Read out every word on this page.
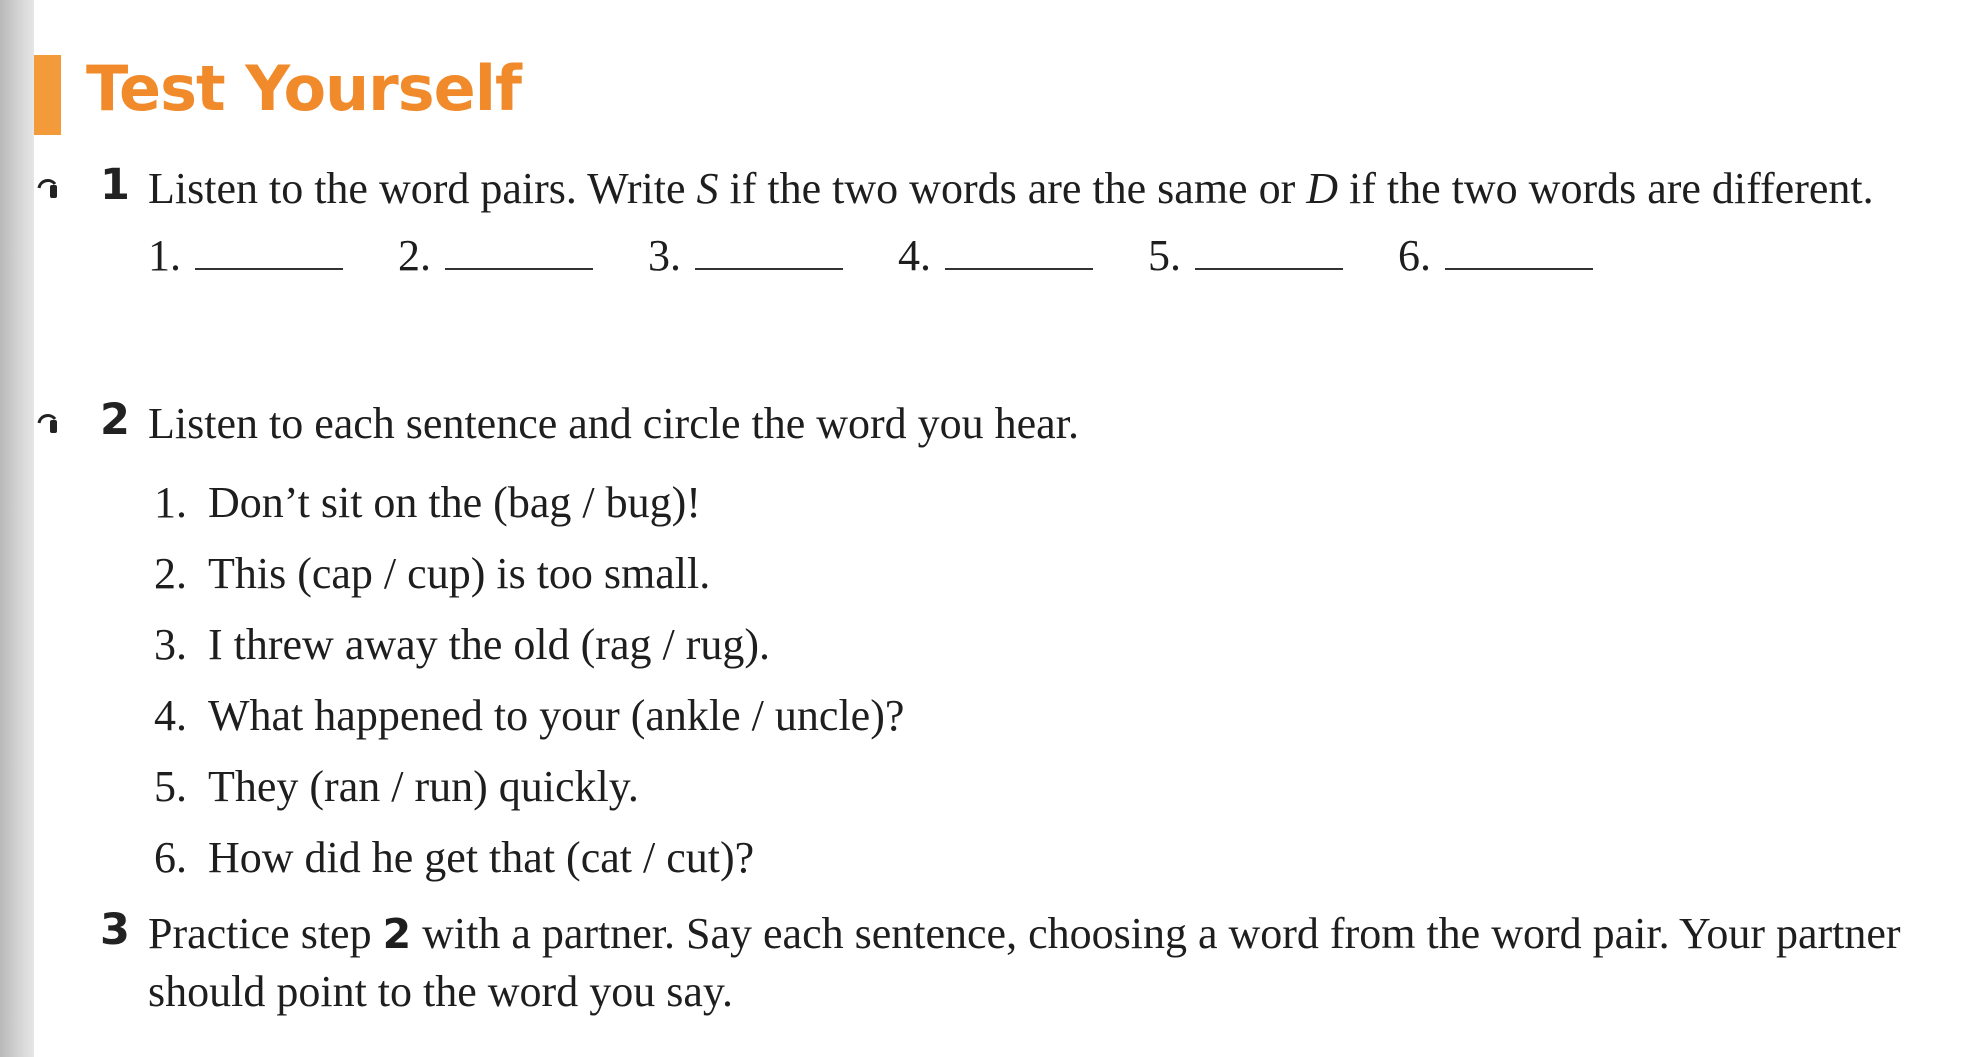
Test Yourself
1 Listen to the word pairs. Write S if the two words are the same or D if the two words are different.
1.	2.	3.	4.	5.	6.
2 Listen to each sentence and circle the word you hear.
1. Don’t sit on the (bag / bug)!
2. This (cap / cup) is too small.
3. I threw away the old (rag / rug).
4. What happened to your (ankle / uncle)?
5. They (ran / run) quickly.
6. How did he get that (cat / cut)?
3 Practice step 2 with a partner. Say each sentence, choosing a word from the word pair. Your partner should point to the word you say.
